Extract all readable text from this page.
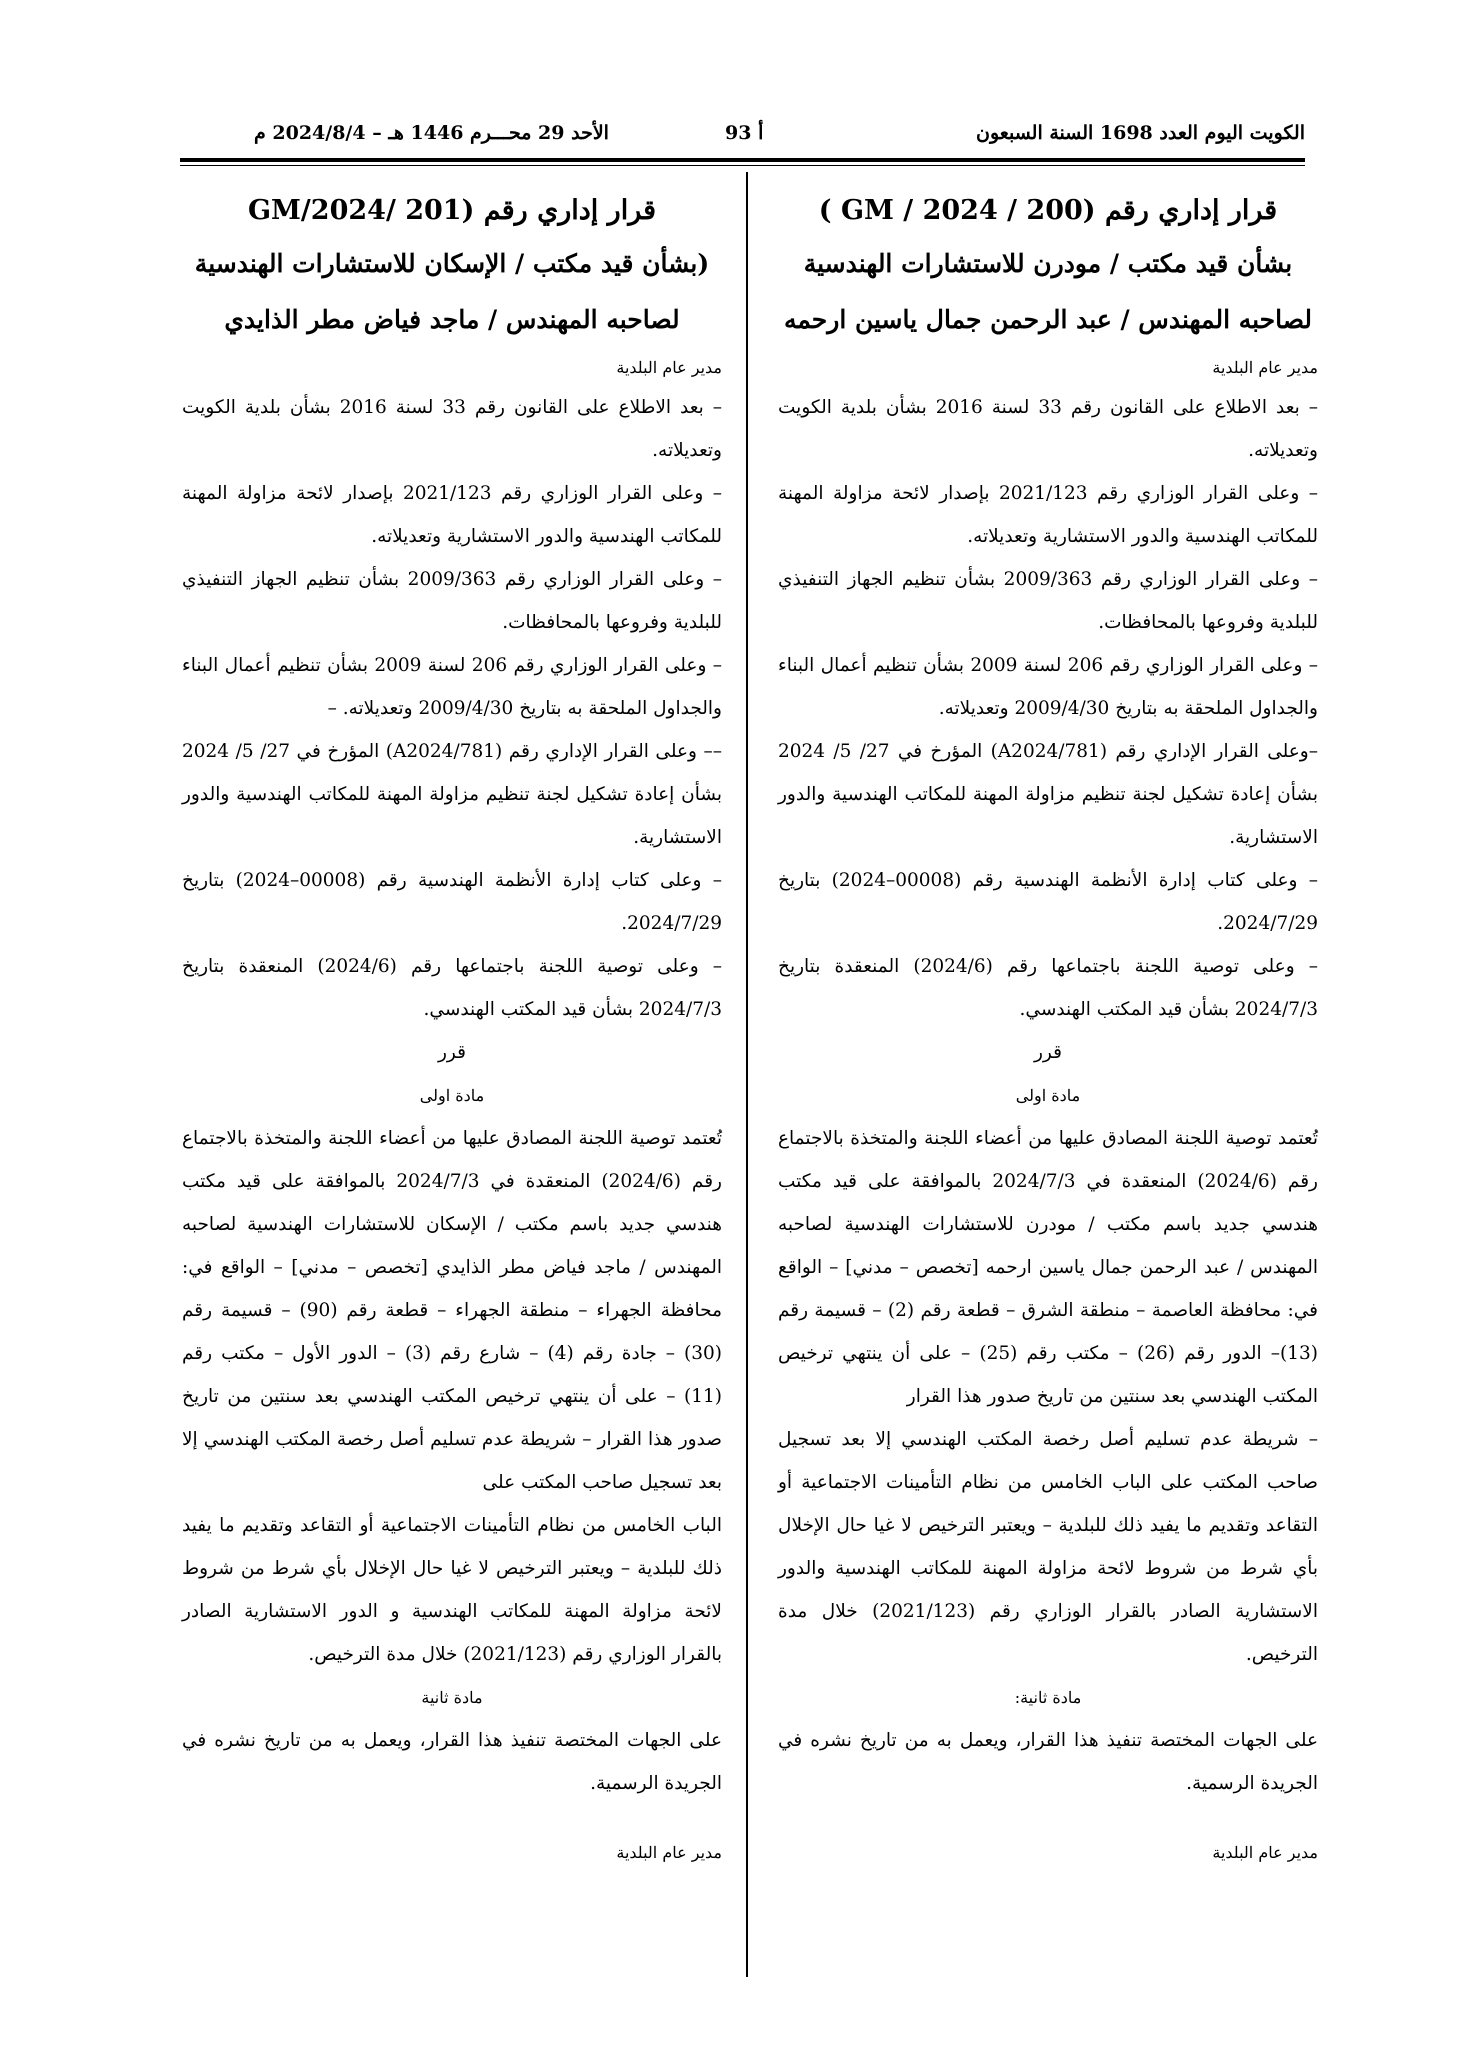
الأحد 29 محـــرم 1446 هـ – 2024/8/4 م	أ 93	الكويت اليوم العدد 1698 السنة السبعون
قرار إداري رقم (200 / 2024 / GM )
بشأن قيد مكتب / مودرن للاستشارات الهندسية
لصاحبه المهندس / عبد الرحمن جمال ياسين ارحمه
مدير عام البلدية

– بعد الاطلاع على القانون رقم 33 لسنة 2016 بشأن بلدية الكويت وتعديلاته.

– وعلى القرار الوزاري رقم 2021/123 بإصدار لائحة مزاولة المهنة للمكاتب الهندسية والدور الاستشارية وتعديلاته.

– وعلى القرار الوزاري رقم 2009/363 بشأن تنظيم الجهاز التنفيذي للبلدية وفروعها بالمحافظات.

– وعلى القرار الوزاري رقم 206 لسنة 2009 بشأن تنظيم أعمال البناء والجداول الملحقة به بتاريخ 2009/4/30 وتعديلاته.

–وعلى القرار الإداري رقم (A2024/781) المؤرخ في 27/ 5/ 2024 بشأن إعادة تشكيل لجنة تنظيم مزاولة المهنة للمكاتب الهندسية والدور الاستشارية.

– وعلى كتاب إدارة الأنظمة الهندسية رقم (00008–2024) بتاريخ 2024/7/29.

– وعلى توصية اللجنة باجتماعها رقم (2024/6) المنعقدة بتاريخ 2024/7/3 بشأن قيد المكتب الهندسي.

قرر
مادة اولى

تُعتمد توصية اللجنة المصادق عليها من أعضاء اللجنة والمتخذة بالاجتماع رقم (2024/6) المنعقدة في 2024/7/3 بالموافقة على قيد مكتب هندسي جديد باسم مكتب / مودرن للاستشارات الهندسية لصاحبه المهندس / عبد الرحمن جمال ياسين ارحمه [تخصص – مدني] – الواقع في: محافظة العاصمة – منطقة الشرق – قطعة رقم (2) – قسيمة رقم (13)– الدور رقم (26) – مكتب رقم (25) – على أن ينتهي ترخيص المكتب الهندسي بعد سنتين من تاريخ صدور هذا القرار

– شريطة عدم تسليم أصل رخصة المكتب الهندسي إلا بعد تسجيل صاحب المكتب على الباب الخامس من نظام التأمينات الاجتماعية أو التقاعد وتقديم ما يفيد ذلك للبلدية – ويعتبر الترخيص لا غيا حال الإخلال بأي شرط من شروط لائحة مزاولة المهنة للمكاتب الهندسية والدور الاستشارية الصادر بالقرار الوزاري رقم (2021/123) خلال مدة الترخيص.

مادة ثانية:

على الجهات المختصة تنفيذ هذا القرار، ويعمل به من تاريخ نشره في الجريدة الرسمية.

مدير عام البلدية
قرار إداري رقم (201 /GM/2024
(بشأن قيد مكتب / الإسكان للاستشارات الهندسية
لصاحبه المهندس / ماجد فياض مطر الذايدي
مدير عام البلدية

– بعد الاطلاع على القانون رقم 33 لسنة 2016 بشأن بلدية الكويت وتعديلاته.

– وعلى القرار الوزاري رقم 2021/123 بإصدار لائحة مزاولة المهنة للمكاتب الهندسية والدور الاستشارية وتعديلاته.

– وعلى القرار الوزاري رقم 2009/363 بشأن تنظيم الجهاز التنفيذي للبلدية وفروعها بالمحافظات.

– وعلى القرار الوزاري رقم 206 لسنة 2009 بشأن تنظيم أعمال البناء والجداول الملحقة به بتاريخ 2009/4/30 وتعديلاته. –

–– وعلى القرار الإداري رقم (A2024/781) المؤرخ في 27/ 5/ 2024 بشأن إعادة تشكيل لجنة تنظيم مزاولة المهنة للمكاتب الهندسية والدور الاستشارية.

– وعلى كتاب إدارة الأنظمة الهندسية رقم (00008–2024) بتاريخ 2024/7/29.

– وعلى توصية اللجنة باجتماعها رقم (2024/6) المنعقدة بتاريخ 2024/7/3 بشأن قيد المكتب الهندسي.

قرر
مادة اولى

تُعتمد توصية اللجنة المصادق عليها من أعضاء اللجنة والمتخذة بالاجتماع رقم (2024/6) المنعقدة في 2024/7/3 بالموافقة على قيد مكتب هندسي جديد باسم مكتب / الإسكان للاستشارات الهندسية لصاحبه المهندس / ماجد فياض مطر الذايدي [تخصص – مدني] – الواقع في: محافظة الجهراء – منطقة الجهراء – قطعة رقم (90) – قسيمة رقم (30) – جادة رقم (4) – شارع رقم (3) – الدور الأول – مكتب رقم (11) – على أن ينتهي ترخيص المكتب الهندسي بعد سنتين من تاريخ صدور هذا القرار – شريطة عدم تسليم أصل رخصة المكتب الهندسي إلا بعد تسجيل صاحب المكتب على

الباب الخامس من نظام التأمينات الاجتماعية أو التقاعد وتقديم ما يفيد ذلك للبلدية – ويعتبر الترخيص لا غيا حال الإخلال بأي شرط من شروط لائحة مزاولة المهنة للمكاتب الهندسية و الدور الاستشارية الصادر بالقرار الوزاري رقم (2021/123) خلال مدة الترخيص.

مادة ثانية

على الجهات المختصة تنفيذ هذا القرار، ويعمل به من تاريخ نشره في الجريدة الرسمية.

مدير عام البلدية
